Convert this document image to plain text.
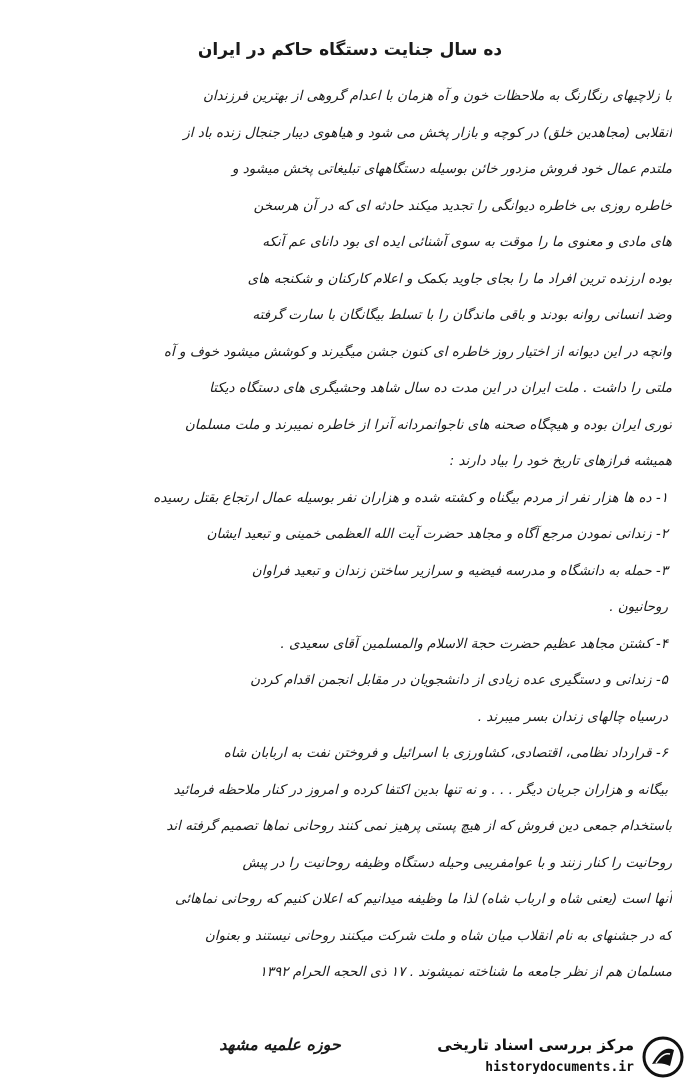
ده سال جنایت دستگاه حاکم در ایران
با زلاچیهای رنگارنگ به ملاحظات خون و آه هزمان با اعدام گروهی از بهترین فرزندان
انقلابی (مجاهدین خلق) در کوچه و بازار پخش می شود و هیاهوی دیبار جنجال زنده باد از
ملتدم عمال خود فروش مزدور خائن بوسیله دستگاههای تبلیغاتی پخش میشود و
خاطره روزی بی خاطره دیوانگی را تجدید میکند حادثه ای که در آن هرسخن
های مادی و معنوی ما را موقت به سوی آشنائی ایده ای بود دانای عم آنکه
بوده ارزنده ترین افراد ما را بجای جاوید بکمک و اعلام کارکنان و شکنجه های
وضد انسانی روانه بودند و باقی ماندگان را با تسلط بیگانگان با سارت گرفته
وانچه در این دیوانه از اختیار روز خاطره ای کنون جشن میگیرند و کوشش میشود خوف و آه
ملتی را داشت . ملت ایران در این مدت ده سال شاهد وحشیگری های دستگاه دیکتا
توری ایران بوده و هیچگاه صحنه های ناجوانمردانه آنرا از خاطره نمیبرند و ملت مسلمان
همیشه فرازهای تاریخ خود را بیاد دارند :
۱- ده ها هزار نفر از مردم بیگناه و کشته شده و هزاران نفر بوسیله عمال ارتجاع بقتل رسیده
۲- زندانی نمودن مرجع آگاه و مجاهد حضرت آیت الله العظمی خمینی و تبعید ایشان
۳- حمله به دانشگاه و مدرسه فیضیه و سرازیر ساختن زندان و تبعید فراوان
روحانیون .
۴- کشتن مجاهد عظیم حضرت حجة الاسلام والمسلمین آقای سعیدی .
۵- زندانی و دستگیری عده زیادی از دانشجویان در مقابل انجمن اقدام کردن
درسیاه چالهای زندان بسر میبرند .
۶- قرارداد نظامی، اقتصادی، کشاورزی با اسرائیل و فروختن نفت به اربابان شاه
بیگانه و هزاران جریان دیگر . . . و نه تنها بدین اکتفا کرده و امروز در کنار ملاحظه فرمائید
باستخدام جمعی دین فروش که از هیچ پستی پرهیز نمی کنند روحانی نماها تصمیم گرفته اند
روحانیت را کنار زنند و با عوامفریبی وحیله دستگاه وظیفه روحانیت را در پیش
آنها است (یعنی شاه و ارباب شاه) لذا ما وظیفه میدانیم که اعلان کنیم که روحانی نماهائی
که در جشنهای به نام انقلاب میان شاه و ملت شرکت میکنند روحانی نیستند و بعنوان
مسلمان هم از نظر جامعه ما شناخته نمیشوند . ۱۷ ذی الحجه الحرام ۱۳۹۲
حوزه علمیه مشهد	مرکز بررسی اسناد تاریخی
historydocuments.ir
